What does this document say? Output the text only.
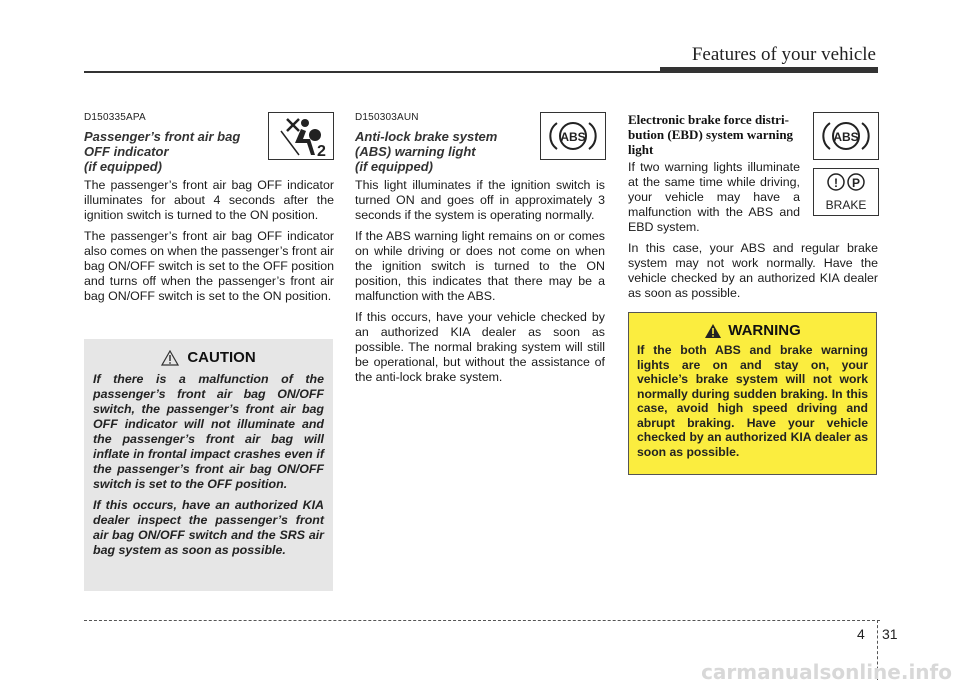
Features of your vehicle
D150335APA
Passenger’s front air bag
OFF indicator
(if equipped)

The passenger’s front air bag OFF indicator illuminates for about 4 seconds after the ignition switch is turned to the ON position.

The passenger’s front air bag OFF indicator also comes on when the passenger’s front air bag ON/OFF switch is set to the OFF position and turns off when the passenger’s front air bag ON/OFF switch is set to the ON position.

2
CAUTION

If there is a malfunction of the passenger’s front air bag ON/OFF switch, the passenger’s front air bag OFF indicator will not illuminate and the passenger’s front air bag will inflate in frontal impact crashes even if the passenger’s front air bag ON/OFF switch is set to the OFF position.

If this occurs, have an authorized KIA dealer inspect the passenger’s front air bag ON/OFF switch and the SRS air bag system as soon as possible.

D150303AUN
Anti-lock brake system
(ABS) warning light
(if equipped)

This light illuminates if the ignition switch is turned ON and goes off in approximately 3 seconds if the system is operating normally.

If the ABS warning light remains on or comes on while driving or does not come on when the ignition switch is turned to the ON position, this indicates that there may be a malfunction with the ABS.

If this occurs, have your vehicle checked by an authorized KIA dealer as soon as possible. The normal braking system will still be operational, but without the assistance of the anti-lock brake system.

ABS
Electronic brake force distri-
bution (EBD) system warning
light

If two warning lights illuminate at the same time while driving, your vehicle may have a malfunction with the ABS and EBD system.

In this case, your ABS and regular brake system may not work normally. Have the vehicle checked by an authorized KIA dealer as soon as possible.

ABS
! P
BRAKE
WARNING

If the both ABS and brake warning lights are on and stay on, your vehicle’s brake system will not work normally during sudden braking. In this case, avoid high speed driving and abrupt braking. Have your vehicle checked by an authorized KIA dealer as soon as possible.

4 31
carmanualsonline.info
